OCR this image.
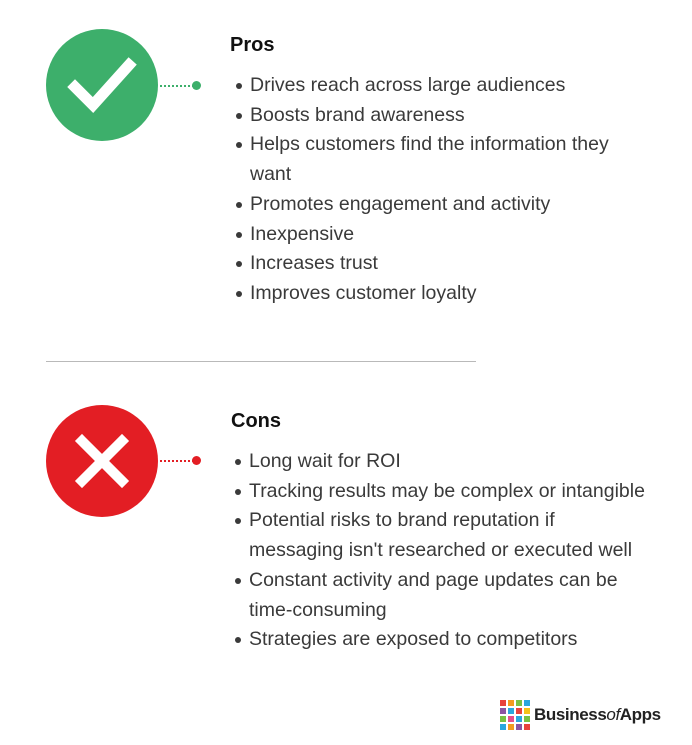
Pros
Drives reach across large audiences
Boosts brand awareness
Helps customers find the information they want
Promotes engagement and activity
Inexpensive
Increases trust
Improves customer loyalty
Cons
Long wait for ROI
Tracking results may be complex or intangible
Potential risks to brand reputation if messaging isn't researched or executed well
Constant activity and page updates can be time-consuming
Strategies are exposed to competitors
BusinessofApps
